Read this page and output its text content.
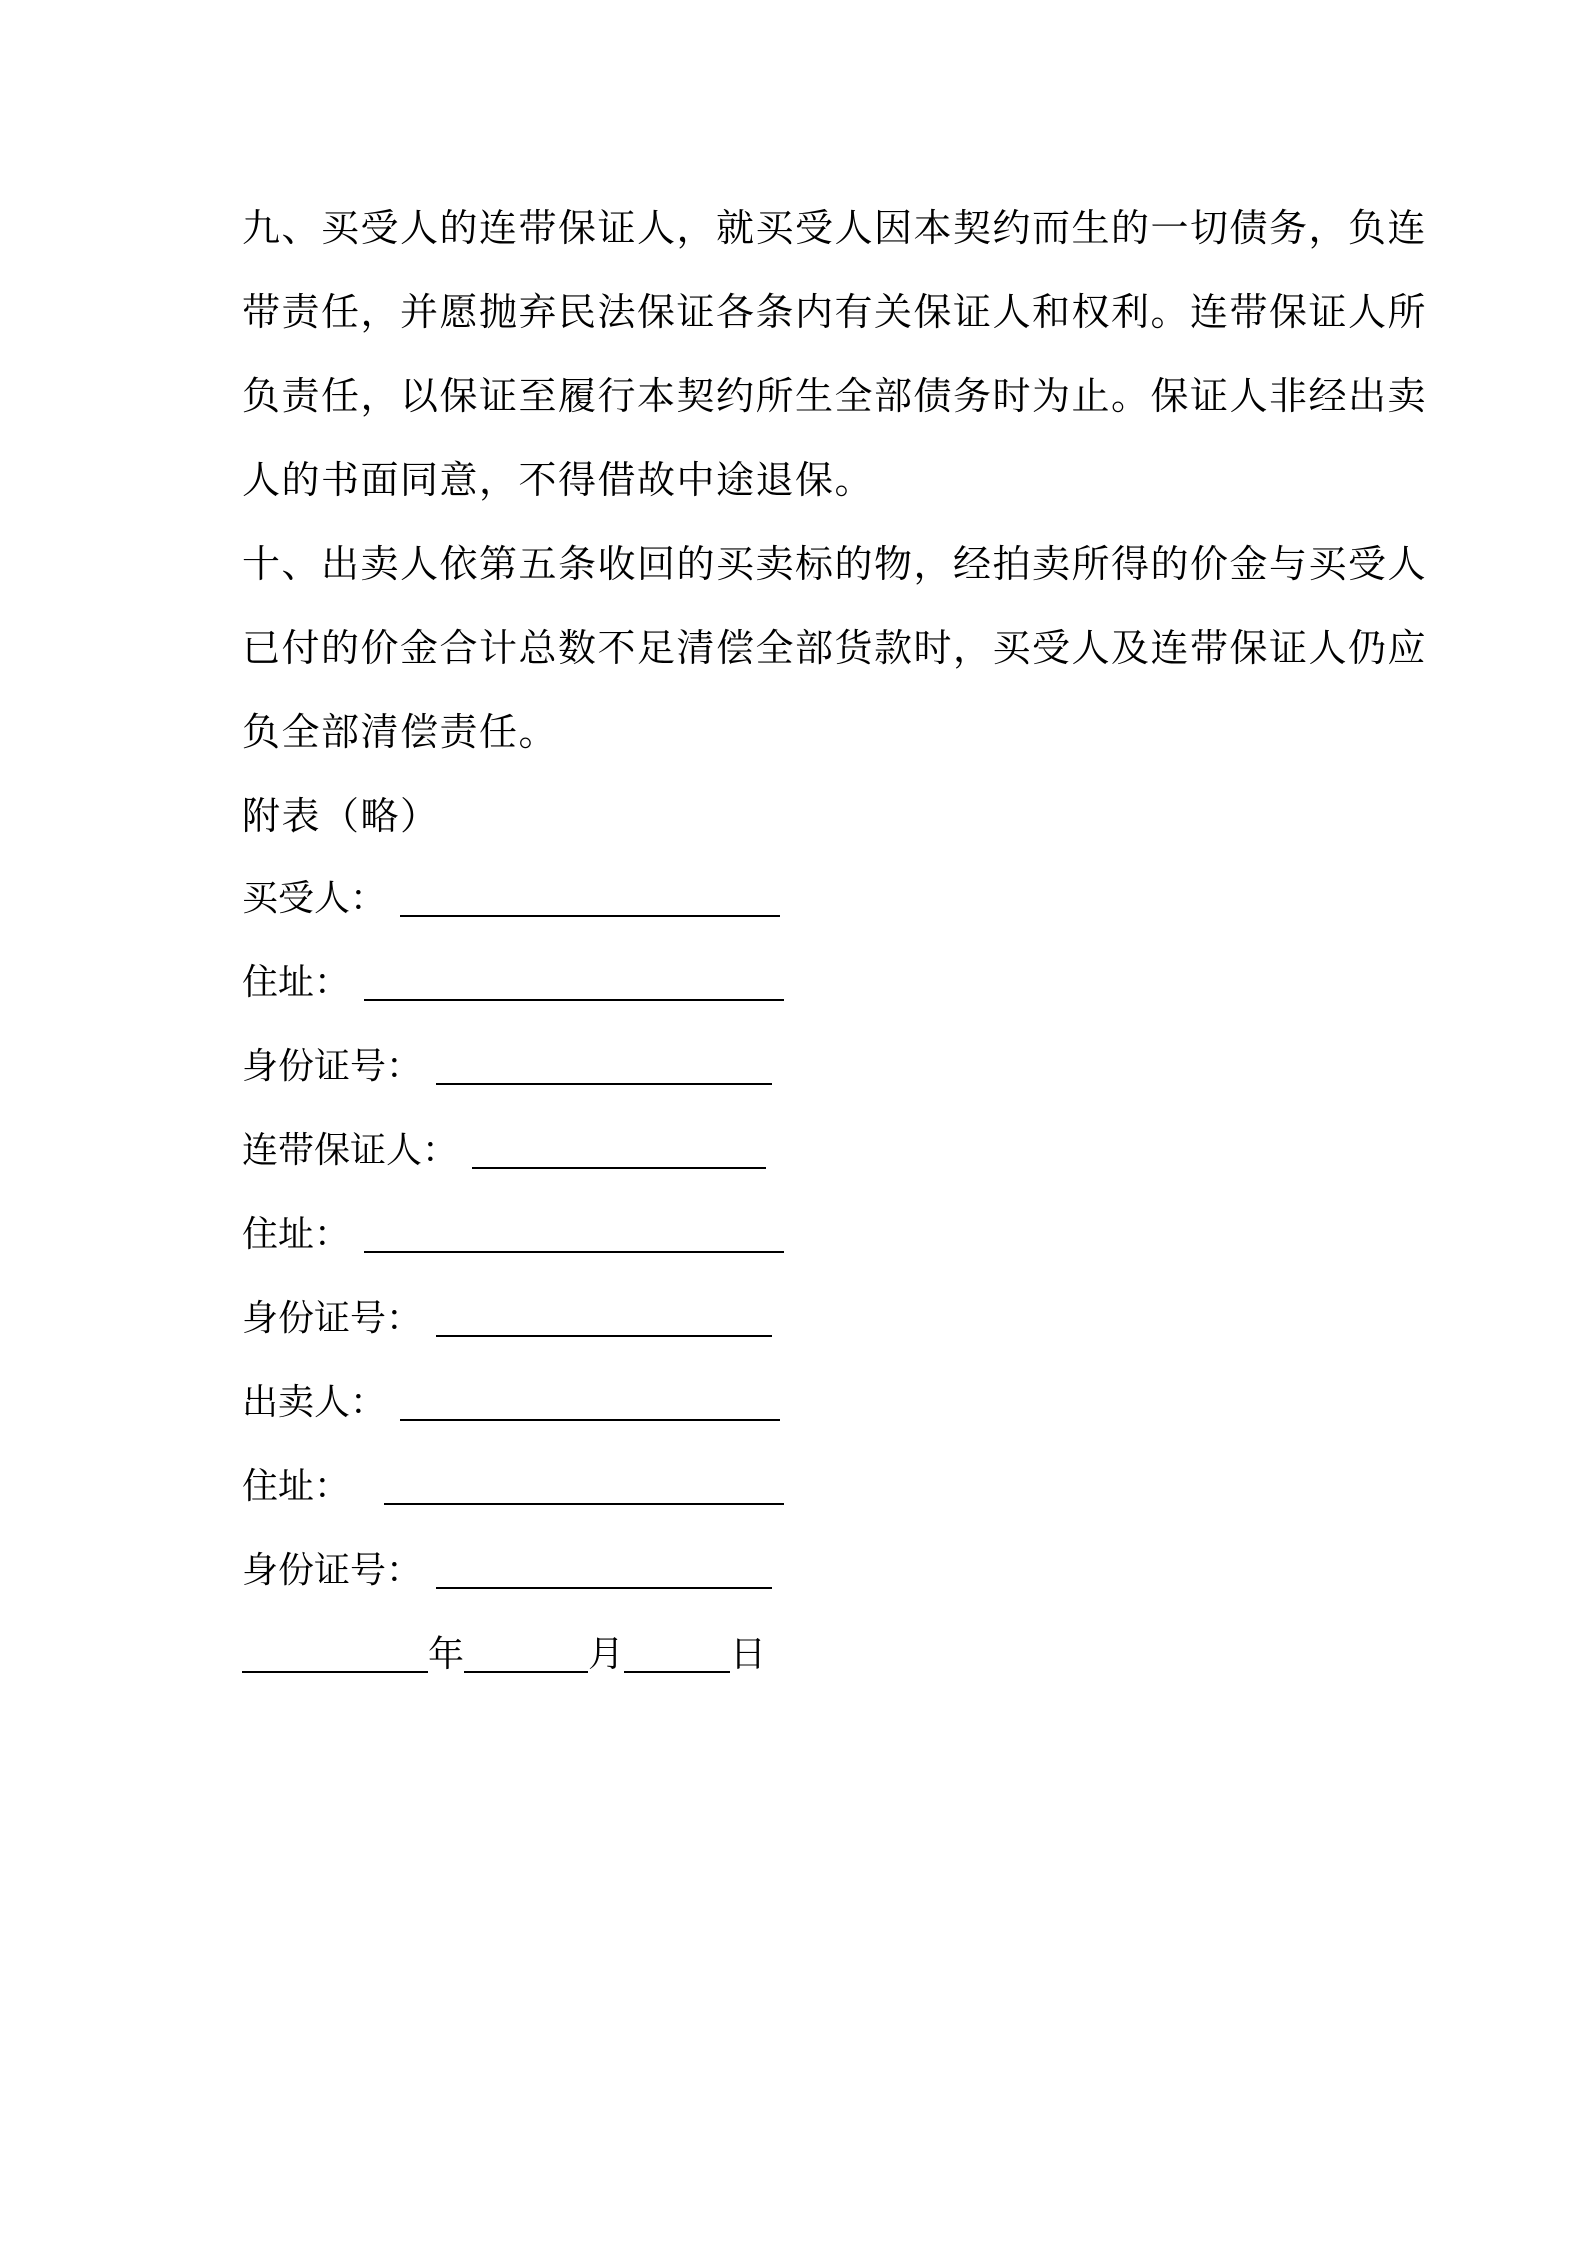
九、买受人的连带保证人，就买受人因本契约而生的一切债务，负连
带责任，并愿抛弃民法保证各条内有关保证人和权利。连带保证人所
负责任，以保证至履行本契约所生全部债务时为止。保证人非经出卖
人的书面同意，不得借故中途退保。
十、出卖人依第五条收回的买卖标的物，经拍卖所得的价金与买受人
已付的价金合计总数不足清偿全部货款时，买受人及连带保证人仍应
负全部清偿责任。
附表（略）
买受人：
住址：
身份证号：
连带保证人：
住址：
身份证号：
出卖人：
住址：
身份证号：
年	月	日
